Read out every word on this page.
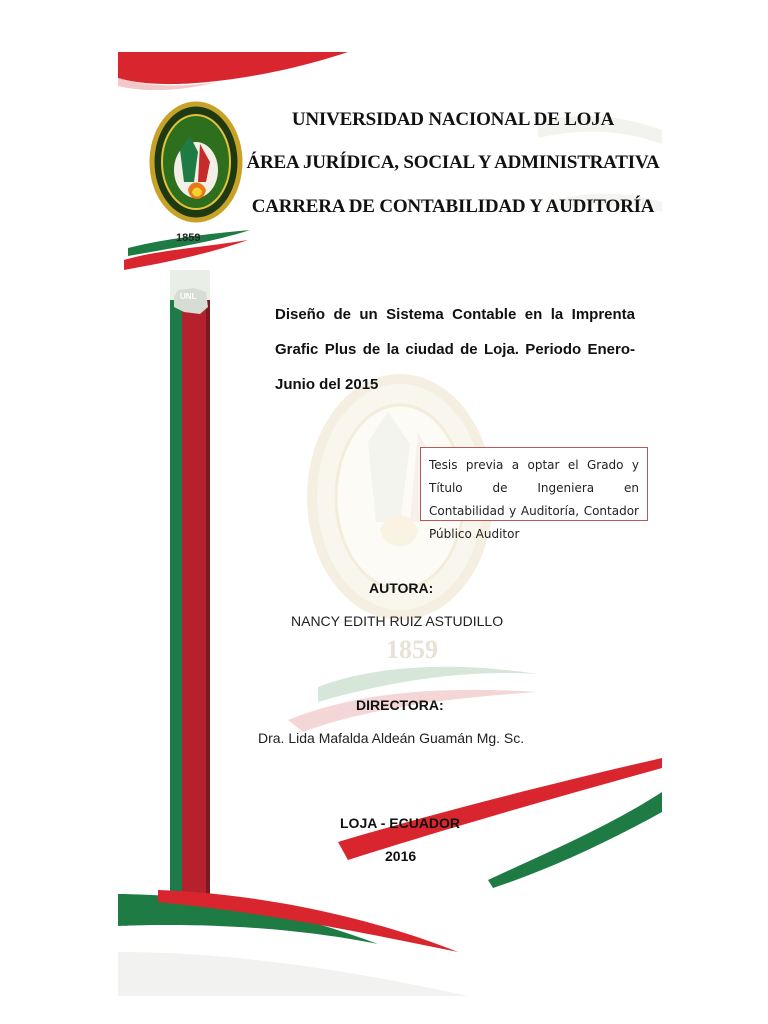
UNIVERSIDAD NACIONAL DE LOJA
ÁREA JURÍDICA, SOCIAL Y ADMINISTRATIVA
CARRERA DE CONTABILIDAD Y AUDITORÍA
1859
UNL
Diseño de un Sistema Contable en la Imprenta Grafic Plus de la ciudad de Loja. Periodo Enero-Junio del 2015
Tesis previa a optar el Grado y Título de Ingeniera en Contabilidad y Auditoría, Contador Público Auditor
1859
AUTORA:
NANCY EDITH RUIZ ASTUDILLO
DIRECTORA:
Dra. Lida Mafalda Aldeán Guamán Mg. Sc.
LOJA - ECUADOR
2016
